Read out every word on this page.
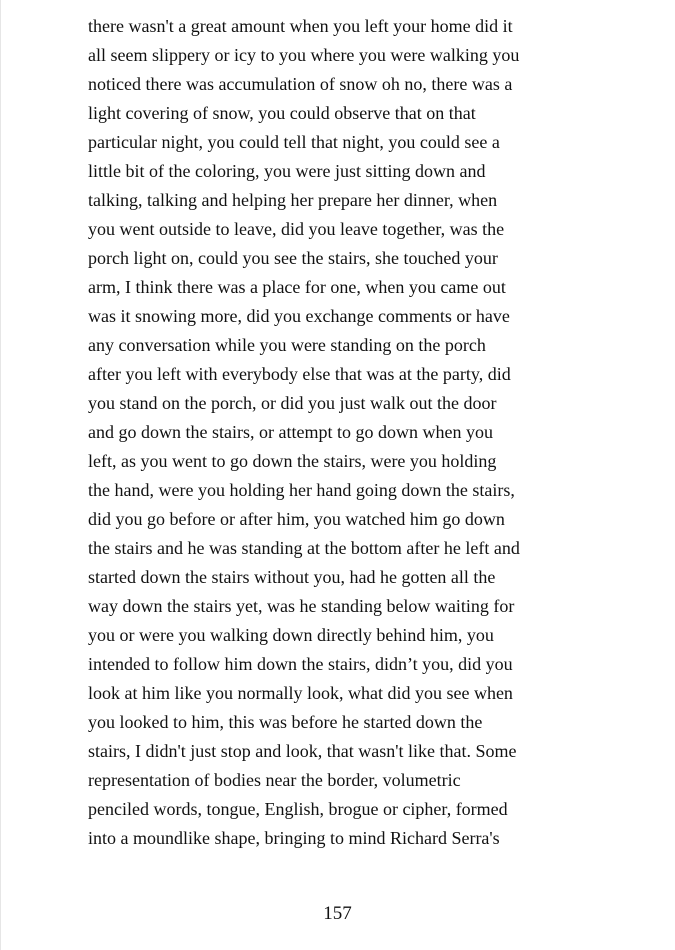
there wasn't a great amount when you left your home did it
all seem slippery or icy to you where you were walking you
noticed there was accumulation of snow oh no, there was a
light covering of snow, you could observe that on that
particular night, you could tell that night, you could see a
little bit of the coloring, you were just sitting down and
talking, talking and helping her prepare her dinner, when
you went outside to leave, did you leave together, was the
porch light on, could you see the stairs, she touched your
arm, I think there was a place for one, when you came out
was it snowing more, did you exchange comments or have
any conversation while you were standing on the porch
after you left with everybody else that was at the party, did
you stand on the porch, or did you just walk out the door
and go down the stairs, or attempt to go down when you
left, as you went to go down the stairs, were you holding
the hand, were you holding her hand going down the stairs,
did you go before or after him, you watched him go down
the stairs and he was standing at the bottom after he left and
started down the stairs without you, had he gotten all the
way down the stairs yet, was he standing below waiting for
you or were you walking down directly behind him, you
intended to follow him down the stairs, didn’t you, did you
look at him like you normally look, what did you see when
you looked to him, this was before he started down the
stairs, I didn't just stop and look, that wasn't like that. Some
representation of bodies near the border, volumetric
penciled words, tongue, English, brogue or cipher, formed
into a moundlike shape, bringing to mind Richard Serra's
157
